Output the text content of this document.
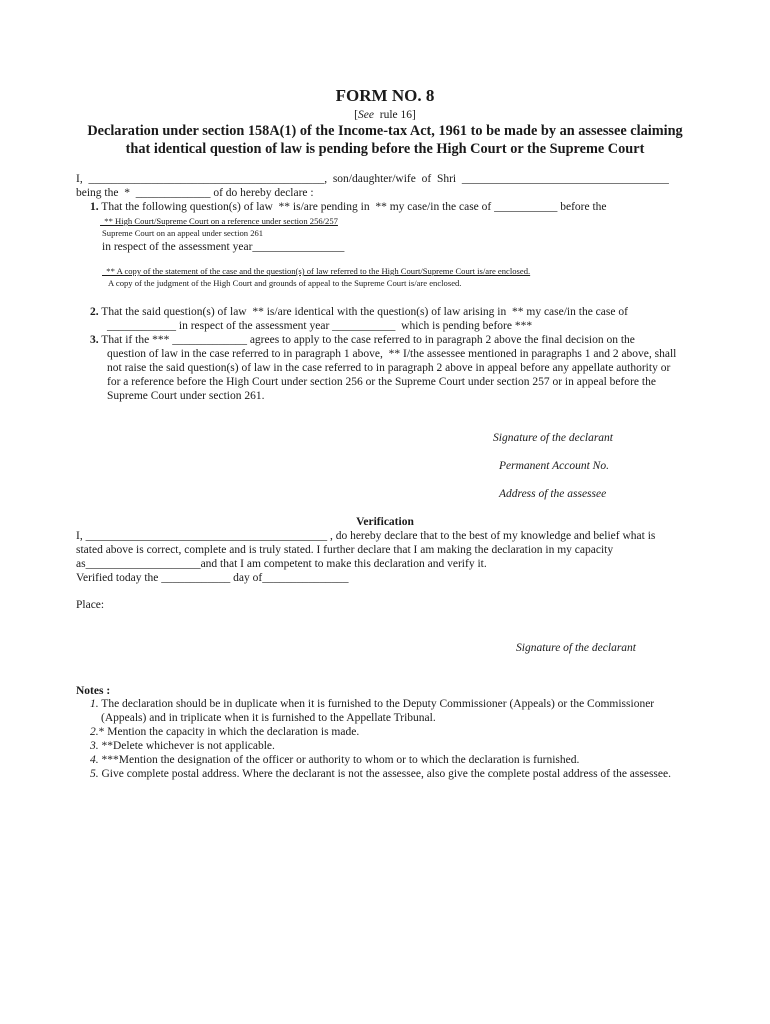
FORM NO. 8
[See  rule 16]
Declaration under section 158A(1) of the Income-tax Act, 1961 to be made by an assessee claiming
that identical question of law is pending before the High Court or the Supreme Court
I,  _________________________________________,  son/daughter/wife  of  Shri  ____________________________________
being the  *  _____________ of do hereby declare :
1. That the following question(s) of law  ** is/are pending in  ** my case/in the case of ___________ before the
** High Court/Supreme Court on a reference under section 256/257
Supreme Court on an appeal under section 261
in respect of the assessment year________________
** A copy of the statement of the case and the question(s) of law referred to the High Court/Supreme Court is/are enclosed.
A copy of the judgment of the High Court and grounds of appeal to the Supreme Court is/are enclosed.
2. That the said question(s) of law  ** is/are identical with the question(s) of law arising in  ** my case/in the case of
____________ in respect of the assessment year ___________  which is pending before ***
3. That if the *** _____________ agrees to apply to the case referred to in paragraph 2 above the final decision on the
question of law in the case referred to in paragraph 1 above,  ** I/the assessee mentioned in paragraphs 1 and 2 above, shall
not raise the said question(s) of law in the case referred to in paragraph 2 above in appeal before any appellate authority or
for a reference before the High Court under section 256 or the Supreme Court under section 257 or in appeal before the
Supreme Court under section 261.
Signature of the declarant
Permanent Account No.
Address of the assessee
Verification
I, __________________________________________ , do hereby declare that to the best of my knowledge and belief what is
stated above is correct, complete and is truly stated. I further declare that I am making the declaration in my capacity
as____________________and that I am competent to make this declaration and verify it.
Verified today the ____________ day of_______________
Place:
Signature of the declarant
Notes :
1. The declaration should be in duplicate when it is furnished to the Deputy Commissioner (Appeals) or the Commissioner
(Appeals) and in triplicate when it is furnished to the Appellate Tribunal.
2.* Mention the capacity in which the declaration is made.
3. **Delete whichever is not applicable.
4. ***Mention the designation of the officer or authority to whom or to which the declaration is furnished.
5. Give complete postal address. Where the declarant is not the assessee, also give the complete postal address of the assessee.
